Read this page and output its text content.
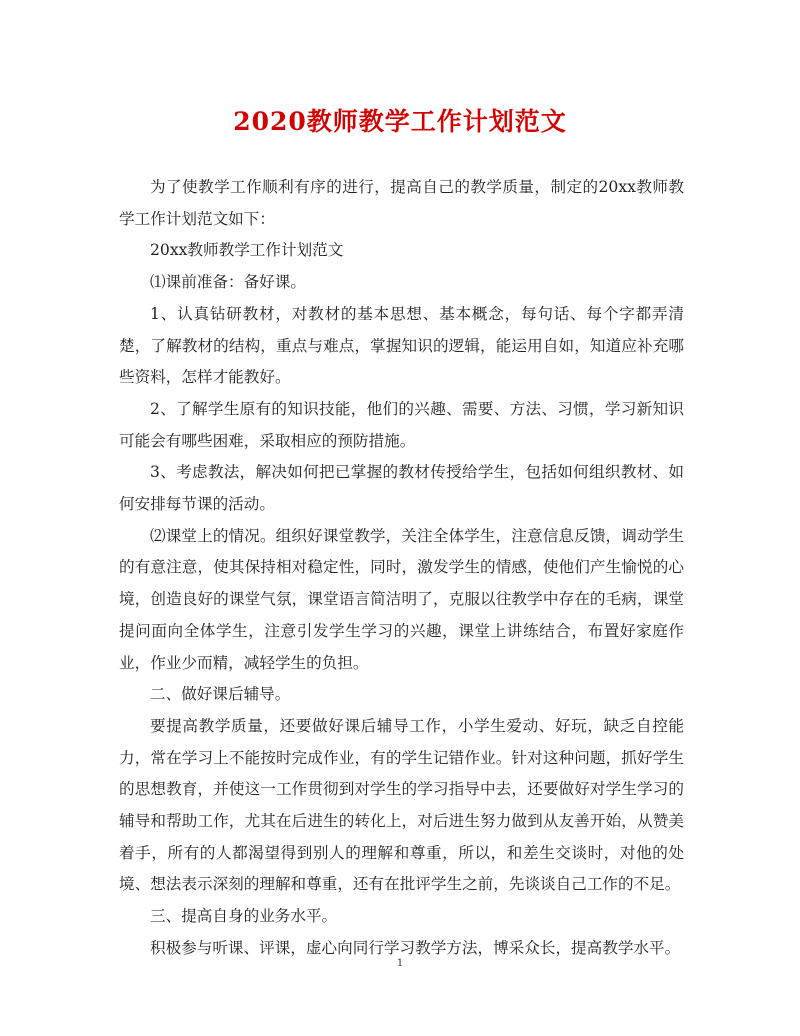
2020教师教学工作计划范文

为了使教学工作顺利有序的进行，提高自己的教学质量，制定的20xx教师教学工作计划范文如下：

20xx教师教学工作计划范文

⑴课前准备：备好课。

1、认真钻研教材，对教材的基本思想、基本概念，每句话、每个字都弄清楚，了解教材的结构，重点与难点，掌握知识的逻辑，能运用自如，知道应补充哪些资料，怎样才能教好。

2、了解学生原有的知识技能，他们的兴趣、需要、方法、习惯，学习新知识可能会有哪些困难，采取相应的预防措施。

3、考虑教法，解决如何把已掌握的教材传授给学生，包括如何组织教材、如何安排每节课的活动。

⑵课堂上的情况。组织好课堂教学，关注全体学生，注意信息反馈，调动学生的有意注意，使其保持相对稳定性，同时，激发学生的情感，使他们产生愉悦的心境，创造良好的课堂气氛，课堂语言简洁明了，克服以往教学中存在的毛病，课堂提问面向全体学生，注意引发学生学习的兴趣，课堂上讲练结合，布置好家庭作业，作业少而精，减轻学生的负担。

二、做好课后辅导。

要提高教学质量，还要做好课后辅导工作，小学生爱动、好玩，缺乏自控能力，常在学习上不能按时完成作业，有的学生记错作业。针对这种问题，抓好学生的思想教育，并使这一工作贯彻到对学生的学习指导中去，还要做好对学生学习的辅导和帮助工作，尤其在后进生的转化上，对后进生努力做到从友善开始，从赞美着手，所有的人都渴望得到别人的理解和尊重，所以，和差生交谈时，对他的处境、想法表示深刻的理解和尊重，还有在批评学生之前，先谈谈自己工作的不足。

三、提高自身的业务水平。

积极参与听课、评课，虚心向同行学习教学方法，博采众长，提高教学水平。

1
